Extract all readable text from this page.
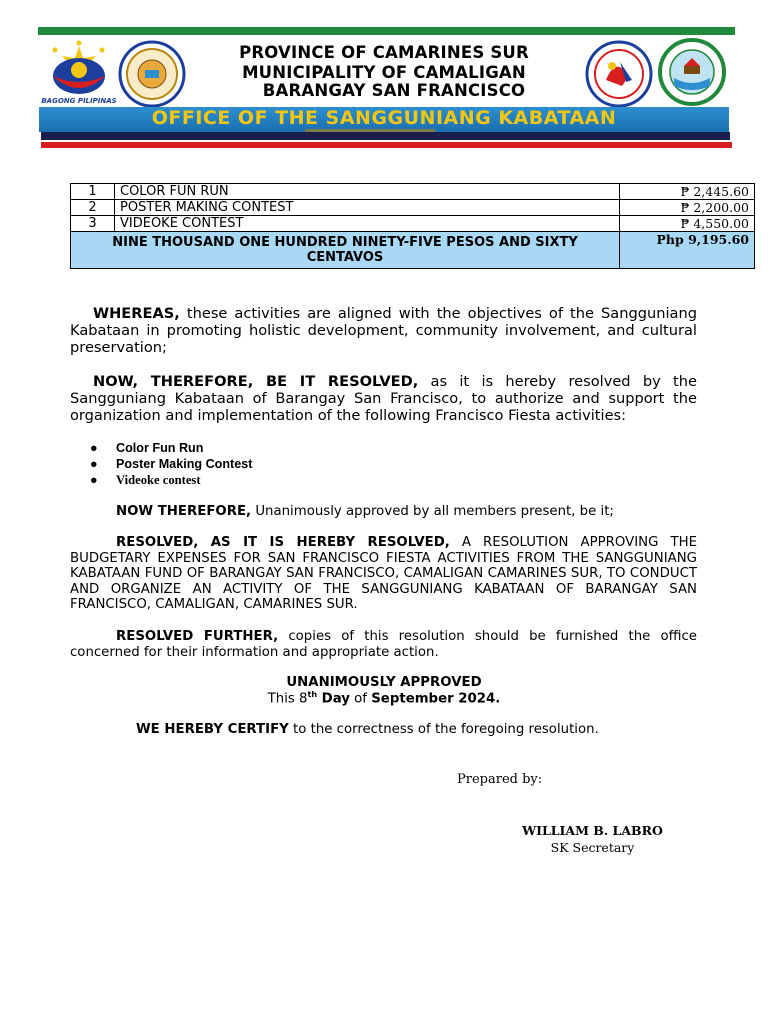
BAGONG PILIPINAS
PROVINCE OF CAMARINES SUR
MUNICIPALITY OF CAMALIGAN
BARANGAY SAN FRANCISCO
OFFICE OF THE SANGGUNIANG KABATAAN
1	COLOR FUN RUN	₱ 2,445.60
2	POSTER MAKING CONTEST	₱ 2,200.00
3	VIDEOKE CONTEST	₱ 4,550.00
NINE THOUSAND ONE HUNDRED NINETY-FIVE PESOS AND SIXTY CENTAVOS		Php 9,195.60
WHEREAS, these activities are aligned with the objectives of the Sangguniang Kabataan in promoting holistic development, community involvement, and cultural preservation;
NOW, THEREFORE, BE IT RESOLVED, as it is hereby resolved by the Sangguniang Kabataan of Barangay San Francisco, to authorize and support the organization and implementation of the following Francisco Fiesta activities:
● Color Fun Run
● Poster Making Contest
● Videoke contest
NOW THEREFORE, Unanimously approved by all members present, be it;
RESOLVED, AS IT IS HEREBY RESOLVED, A RESOLUTION APPROVING THE BUDGETARY EXPENSES FOR SAN FRANCISCO FIESTA ACTIVITIES FROM THE SANGGUNIANG KABATAAN FUND OF BARANGAY SAN FRANCISCO, CAMALIGAN CAMARINES SUR, TO CONDUCT AND ORGANIZE AN ACTIVITY OF THE SANGGUNIANG KABATAAN OF BARANGAY SAN FRANCISCO, CAMALIGAN, CAMARINES SUR.
RESOLVED FURTHER, copies of this resolution should be furnished the office concerned for their information and appropriate action.
UNANIMOUSLY APPROVED
This 8th Day of September 2024.
WE HEREBY CERTIFY to the correctness of the foregoing resolution.
Prepared by:
WILLIAM B. LABRO
SK Secretary
